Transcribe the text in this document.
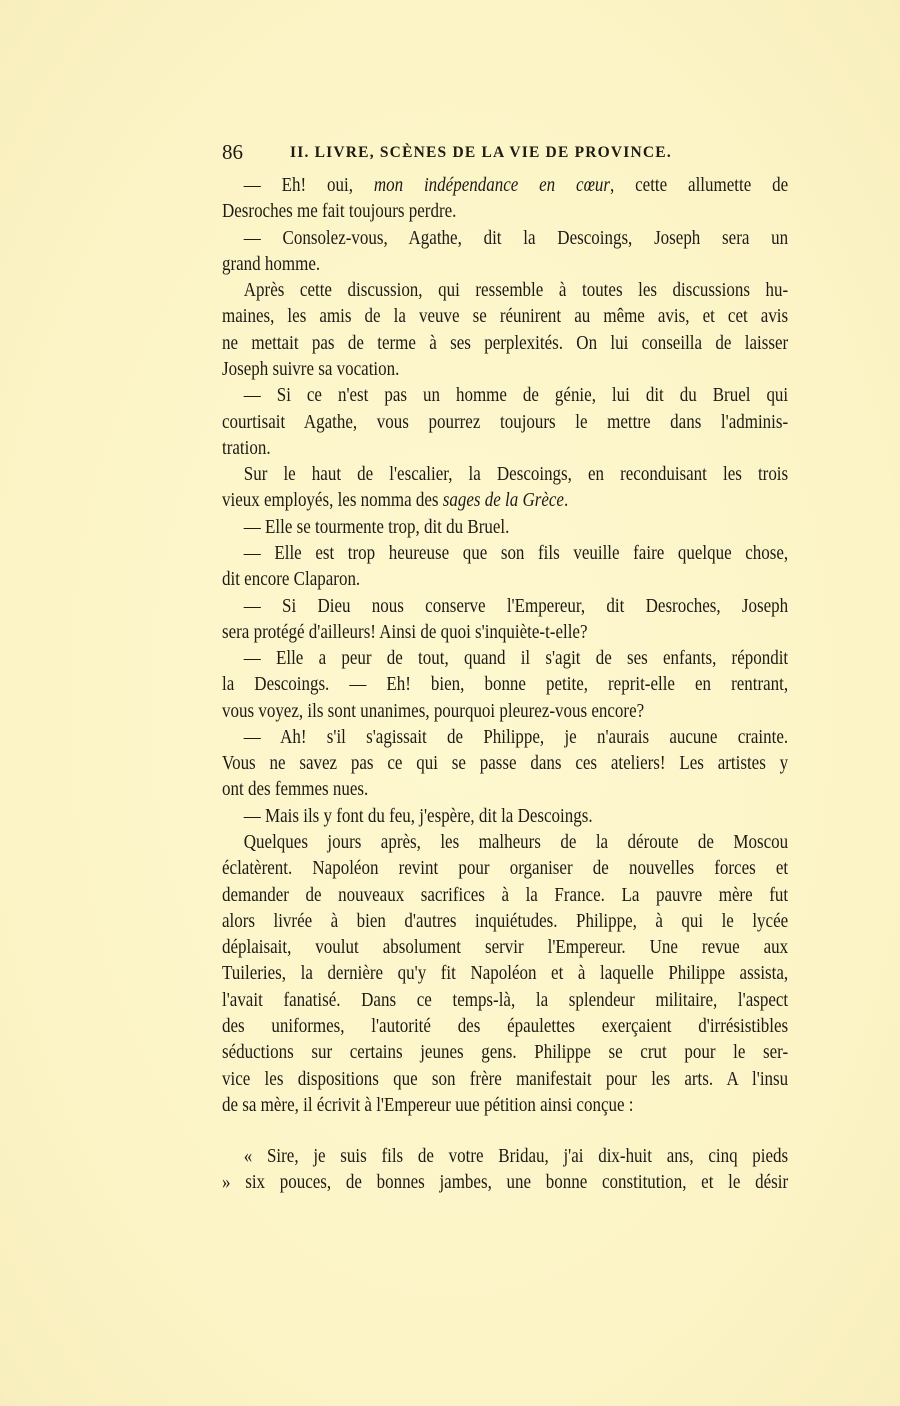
86	II. LIVRE, SCÈNES DE LA VIE DE PROVINCE.
— Eh! oui, mon indépendance en cœur, cette allumette de
Desroches me fait toujours perdre.
— Consolez-vous, Agathe, dit la Descoings, Joseph sera un
grand homme.
Après cette discussion, qui ressemble à toutes les discussions hu-
maines, les amis de la veuve se réunirent au même avis, et cet avis
ne mettait pas de terme à ses perplexités. On lui conseilla de laisser
Joseph suivre sa vocation.
— Si ce n'est pas un homme de génie, lui dit du Bruel qui
courtisait Agathe, vous pourrez toujours le mettre dans l'adminis-
tration.
Sur le haut de l'escalier, la Descoings, en reconduisant les trois
vieux employés, les nomma des sages de la Grèce.
— Elle se tourmente trop, dit du Bruel.
— Elle est trop heureuse que son fils veuille faire quelque chose,
dit encore Claparon.
— Si Dieu nous conserve l'Empereur, dit Desroches, Joseph
sera protégé d'ailleurs! Ainsi de quoi s'inquiète-t-elle?
— Elle a peur de tout, quand il s'agit de ses enfants, répondit
la Descoings. — Eh! bien, bonne petite, reprit-elle en rentrant,
vous voyez, ils sont unanimes, pourquoi pleurez-vous encore?
— Ah! s'il s'agissait de Philippe, je n'aurais aucune crainte.
Vous ne savez pas ce qui se passe dans ces ateliers! Les artistes y
ont des femmes nues.
— Mais ils y font du feu, j'espère, dit la Descoings.
Quelques jours après, les malheurs de la déroute de Moscou
éclatèrent. Napoléon revint pour organiser de nouvelles forces et
demander de nouveaux sacrifices à la France. La pauvre mère fut
alors livrée à bien d'autres inquiétudes. Philippe, à qui le lycée
déplaisait, voulut absolument servir l'Empereur. Une revue aux
Tuileries, la dernière qu'y fit Napoléon et à laquelle Philippe assista,
l'avait fanatisé. Dans ce temps-là, la splendeur militaire, l'aspect
des uniformes, l'autorité des épaulettes exerçaient d'irrésistibles
séductions sur certains jeunes gens. Philippe se crut pour le ser-
vice les dispositions que son frère manifestait pour les arts. A l'insu
de sa mère, il écrivit à l'Empereur uue pétition ainsi conçue :
« Sire, je suis fils de votre Bridau, j'ai dix-huit ans, cinq pieds
» six pouces, de bonnes jambes, une bonne constitution, et le désir
